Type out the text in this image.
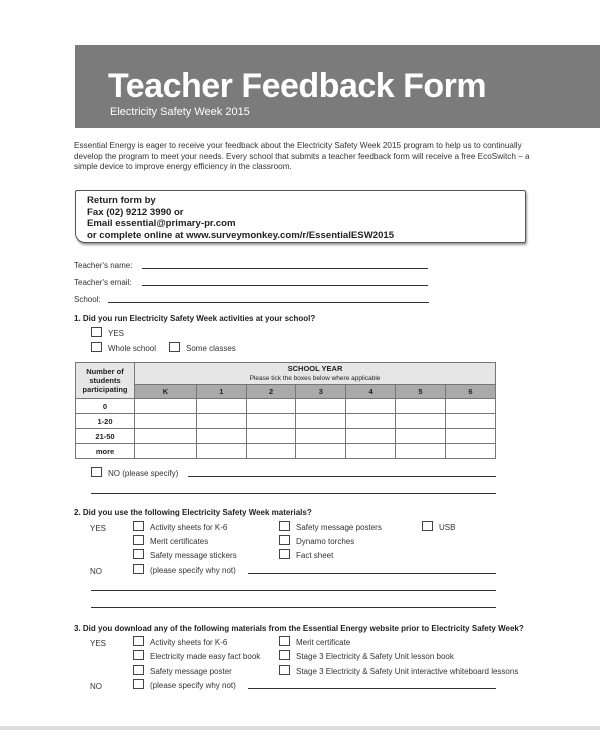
Teacher Feedback Form
Electricity Safety Week 2015
Essential Energy is eager to receive your feedback about the Electricity Safety Week 2015 program to help us to continually develop the program to meet your needs. Every school that submits a teacher feedback form will receive a free EcoSwitch – a simple device to improve energy efficiency in the classroom.
Return form by
Fax (02) 9212 3990 or
Email essential@primary-pr.com
or complete online at www.surveymonkey.com/r/EssentialESW2015
Teacher's name:
Teacher's email:
School:
1. Did you run Electricity Safety Week activities at your school?
YES
Whole school	Some classes
Number of students participating	SCHOOL YEAR
Please tick the boxes below where applicable						

	K	1	2	3	4	5	6
0							
1-20							
21-50							
more							
NO (please specify)
2. Did you use the following Electricity Safety Week materials?
YES	Activity sheets for K-6	Safety message posters	USB
Merit certificates	Dynamo torches
Safety message stickers	Fact sheet
NO	(please specify why not)
3. Did you download any of the following materials from the Essential Energy website prior to Electricity Safety Week?
YES	Activity sheets for K-6	Merit certificate
Electricity made easy fact book	Stage 3 Electricity & Safety Unit lesson book
Safety message poster	Stage 3 Electricity & Safety Unit interactive whiteboard lessons
NO	(please specify why not)
